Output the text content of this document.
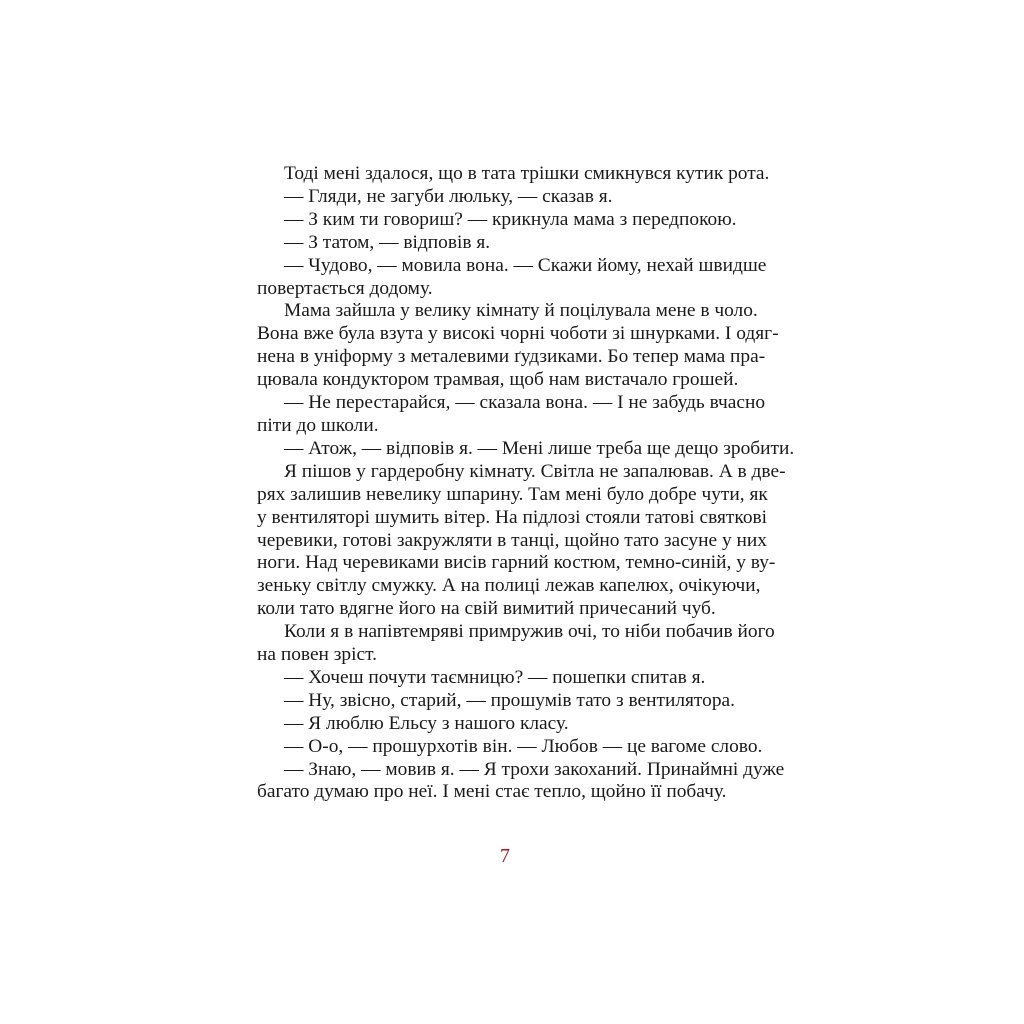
Тоді мені здалося, що в тата трішки смикнувся кутик рота.
— Гляди, не загуби люльку, — сказав я.
— З ким ти говориш? — крикнула мама з передпокою.
— З татом, — відповів я.
— Чудово, — мовила вона. — Скажи йому, нехай швидше
повертається додому.
Мама зайшла у велику кімнату й поцілувала мене в чоло.
Вона вже була взута у високі чорні чоботи зі шнурками. І одяг-
нена в уніформу з металевими ґудзиками. Бо тепер мама пра-
цювала кондуктором трамвая, щоб нам вистачало грошей.
— Не перестарайся, — сказала вона. — І не забудь вчасно
піти до школи.
— Атож, — відповів я. — Мені лише треба ще дещо зробити.
Я пішов у гардеробну кімнату. Світла не запалював. А в две-
рях залишив невелику шпарину. Там мені було добре чути, як
у вентиляторі шумить вітер. На підлозі стояли татові святкові
черевики, готові закружляти в танці, щойно тато засуне у них
ноги. Над черевиками висів гарний костюм, темно-синій, у ву-
зеньку світлу смужку. А на полиці лежав капелюх, очікуючи,
коли тато вдягне його на свій вимитий причесаний чуб.
Коли я в напівтемряві примружив очі, то ніби побачив його
на повен зріст.
— Хочеш почути таємницю? — пошепки спитав я.
— Ну, звісно, старий, — прошумів тато з вентилятора.
— Я люблю Ельсу з нашого класу.
— О-о, — прошурхотів він. — Любов — це вагоме слово.
— Знаю, — мовив я. — Я трохи закоханий. Принаймні дуже
багато думаю про неї. І мені стає тепло, щойно її побачу.
7
